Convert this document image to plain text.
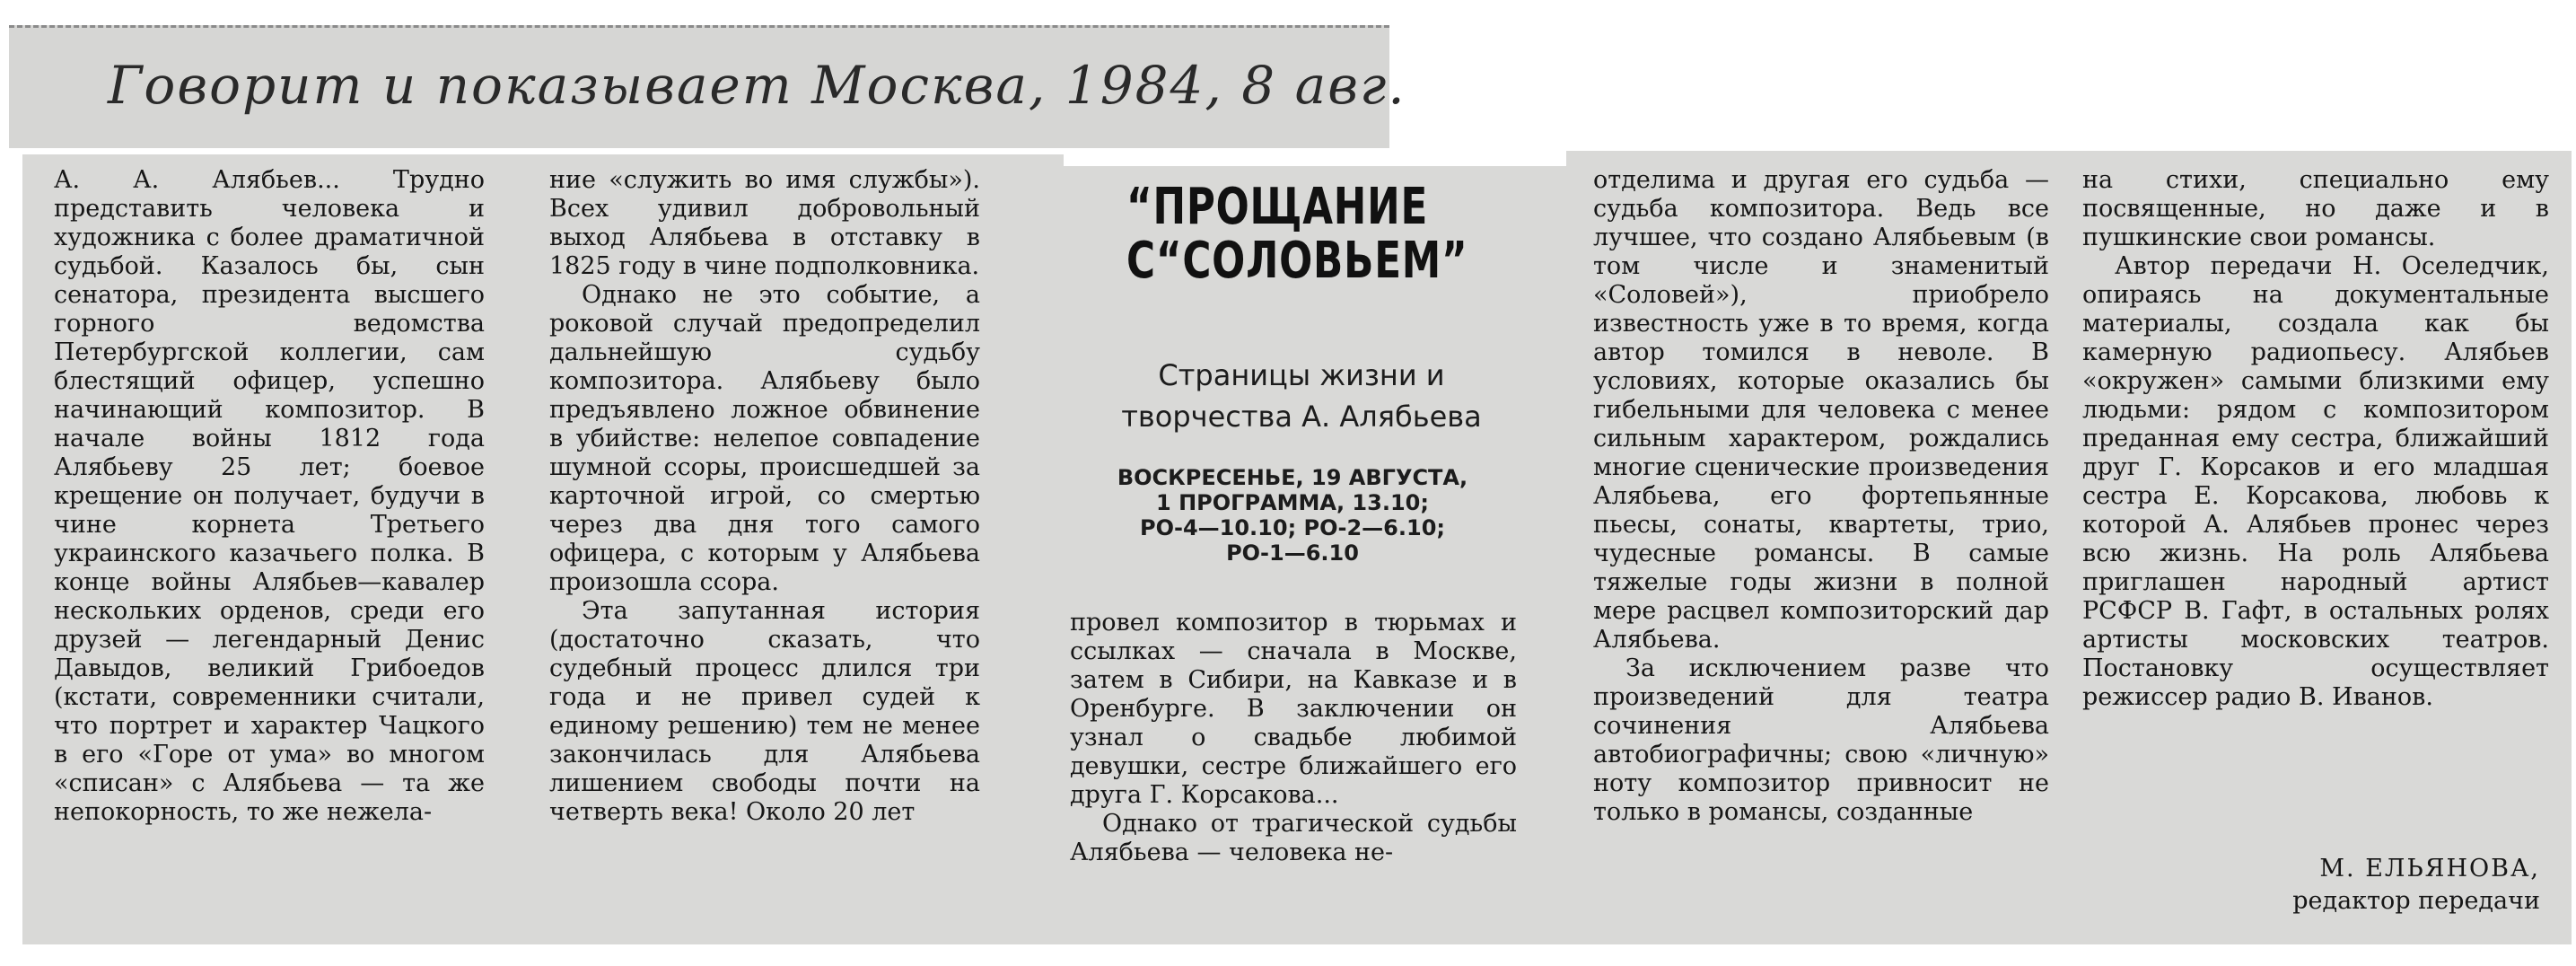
Говорит и показывает Москва, 1984, 8 авг.

А. А. Алябьев... Трудно представить человека и художника с более драматичной судьбой. Казалось бы, сын сенатора, президента высшего горного ведомства Петербургской коллегии, сам блестящий офицер, успешно начинающий композитор. В начале войны 1812 года Алябьеву 25 лет; боевое крещение он получает, будучи в чине корнета Третьего украинского казачьего полка. В конце войны Алябьев—кавалер нескольких орденов, среди его друзей — легендарный Денис Давыдов, великий Грибоедов (кстати, современники считали, что портрет и характер Чацкого в его «Горе от ума» во многом «списан» с Алябьева — та же непокорность, то же нежела-

ние «служить во имя службы»). Всех удивил добровольный выход Алябьева в отставку в 1825 году в чине подполковника.

Однако не это событие, а роковой случай предопределил дальнейшую судьбу композитора. Алябьеву было предъявлено ложное обвинение в убийстве: нелепое совпадение шумной ссоры, происшедшей за карточной игрой, со смертью через два дня того самого офицера, с которым у Алябьева произошла ссора.

Эта запутанная история (достаточно сказать, что судебный процесс длился три года и не привел судей к единому решению) тем не менее закончилась для Алябьева лишением свободы почти на четверть века! Около 20 лет

“ПРОЩАНИЕ
С“СОЛОВЬЕМ”
Страницы жизни и
творчества А. Алябьева
ВОСКРЕСЕНЬЕ, 19 АВГУСТА,
1 ПРОГРАММА, 13.10;
РО-4—10.10; РО-2—6.10;
РО-1—6.10

провел композитор в тюрьмах и ссылках — сначала в Москве, затем в Сибири, на Кавказе и в Оренбурге. В заключении он узнал о свадьбе любимой девушки, сестре ближайшего его друга Г. Корсакова...

Однако от трагической судьбы Алябьева — человека не-

отделима и другая его судьба — судьба композитора. Ведь все лучшее, что создано Алябьевым (в том числе и знаменитый «Соловей»), приобрело известность уже в то время, когда автор томился в неволе. В условиях, которые оказались бы гибельными для человека с менее сильным характером, рождались многие сценические произведения Алябьева, его фортепьянные пьесы, сонаты, квартеты, трио, чудесные романсы. В самые тяжелые годы жизни в полной мере расцвел композиторский дар Алябьева.

За исключением разве что произведений для театра сочинения Алябьева автобиографичны; свою «личную» ноту композитор привносит не только в романсы, созданные

на стихи, специально ему посвященные, но даже и в пушкинские свои романсы.

Автор передачи Н. Оселедчик, опираясь на документальные материалы, создала как бы камерную радиопьесу. Алябьев «окружен» самыми близкими ему людьми: рядом с композитором преданная ему сестра, ближайший друг Г. Корсаков и его младшая сестра Е. Корсакова, любовь к которой А. Алябьев пронес через всю жизнь. На роль Алябьева приглашен народный артист РСФСР В. Гафт, в остальных ролях артисты московских театров. Постановку осуществляет режиссер радио В. Иванов.

М. ЕЛЬЯНОВА,
редактор передачи
